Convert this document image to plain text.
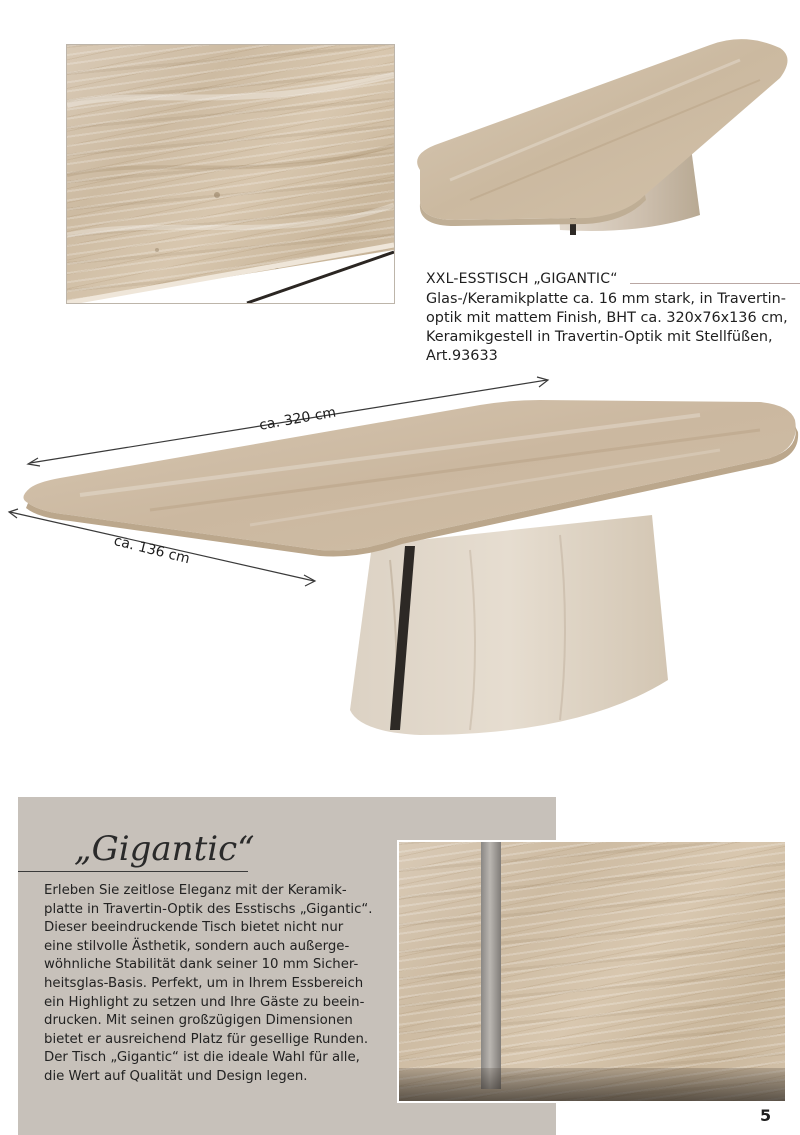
XXL-ESSTISCH „GIGANTIC“
Glas-/Keramikplatte ca. 16 mm stark, in Travertin-
optik mit mattem Finish, BHT ca. 320x76x136 cm,
Keramikgestell in Travertin-Optik mit Stellfüßen,
Art.93633
ca. 320 cm
ca. 136 cm
„Gigantic“
Erleben Sie zeitlose Eleganz mit der Keramik-
platte in Travertin-Optik des Esstischs „Gigantic“.
Dieser beeindruckende Tisch bietet nicht nur
eine stilvolle Ästhetik, sondern auch außerge-
wöhnliche Stabilität dank seiner 10 mm Sicher-
heitsglas-Basis. Perfekt, um in Ihrem Essbereich
ein Highlight zu setzen und Ihre Gäste zu beein-
drucken. Mit seinen großzügigen Dimensionen
bietet er ausreichend Platz für gesellige Runden.
Der Tisch „Gigantic“ ist die ideale Wahl für alle,
die Wert auf Qualität und Design legen.
5
